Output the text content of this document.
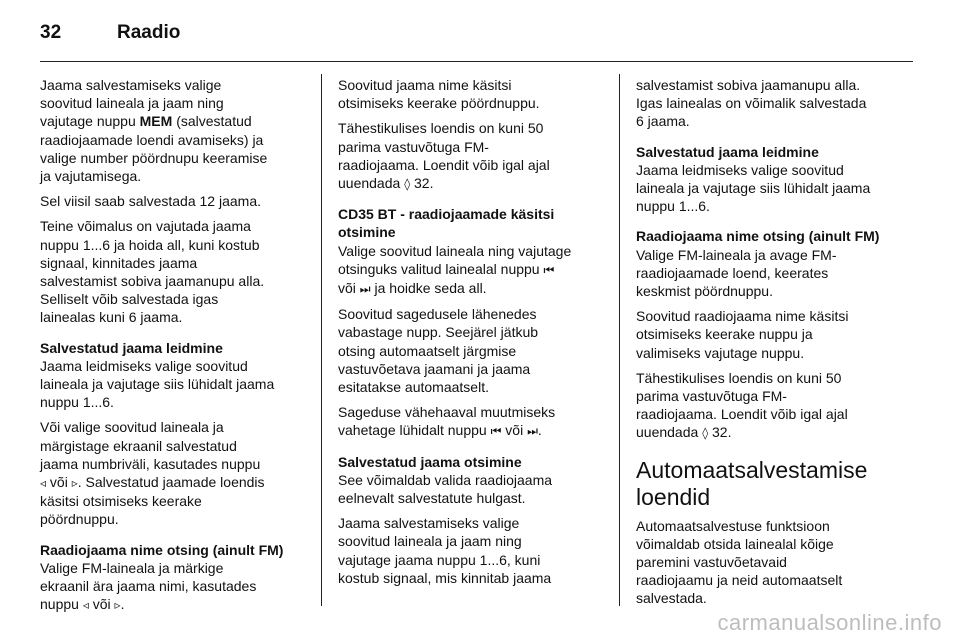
32	Raadio

Jaama salvestamiseks valige
soovitud laineala ja jaam ning
vajutage nuppu MEM (salvestatud
raadiojaamade loendi avamiseks) ja
valige number pöördnupu keeramise
ja vajutamisega.

Sel viisil saab salvestada 12 jaama.

Teine võimalus on vajutada jaama
nuppu 1...6 ja hoida all, kuni kostub
signaal, kinnitades jaama
salvestamist sobiva jaamanupu alla.
Selliselt võib salvestada igas
lainealas kuni 6 jaama.

Salvestatud jaama leidmine
Jaama leidmiseks valige soovitud
laineala ja vajutage siis lühidalt jaama
nuppu 1...6.

Või valige soovitud laineala ja
märgistage ekraanil salvestatud
jaama numbriväli, kasutades nuppu
◃ või ▹. Salvestatud jaamade loendis
käsitsi otsimiseks keerake
pöördnuppu.

Raadiojaama nime otsing (ainult FM)
Valige FM-laineala ja märkige
ekraanil ära jaama nimi, kasutades
nuppu ◃ või ▹.

Soovitud jaama nime käsitsi
otsimiseks keerake pöördnuppu.

Tähestikulises loendis on kuni 50
parima vastuvõtuga FM-
raadiojaama. Loendit võib igal ajal
uuendada ◊ 32.

CD35 BT - raadiojaamade käsitsi otsimine
Valige soovitud laineala ning vajutage
otsinguks valitud lainealal nuppu ⏮
või ⏭ ja hoidke seda all.

Soovitud sagedusele lähenedes
vabastage nupp. Seejärel jätkub
otsing automaatselt järgmise
vastuvõetava jaamani ja jaama
esitatakse automaatselt.

Sageduse vähehaaval muutmiseks
vahetage lühidalt nuppu ⏮ või ⏭.

Salvestatud jaama otsimine
See võimaldab valida raadiojaama
eelnevalt salvestatute hulgast.

Jaama salvestamiseks valige
soovitud laineala ja jaam ning
vajutage jaama nuppu 1...6, kuni
kostub signaal, mis kinnitab jaama

salvestamist sobiva jaamanupu alla.
Igas lainealas on võimalik salvestada
6 jaama.

Salvestatud jaama leidmine
Jaama leidmiseks valige soovitud
laineala ja vajutage siis lühidalt jaama
nuppu 1...6.

Raadiojaama nime otsing (ainult FM)
Valige FM-laineala ja avage FM-
raadiojaamade loend, keerates
keskmist pöördnuppu.

Soovitud raadiojaama nime käsitsi
otsimiseks keerake nuppu ja
valimiseks vajutage nuppu.

Tähestikulises loendis on kuni 50
parima vastuvõtuga FM-
raadiojaama. Loendit võib igal ajal
uuendada ◊ 32.

Automaatsalvestamise
loendid

Automaatsalvestuse funktsioon
võimaldab otsida lainealal kõige
paremini vastuvõetavaid
raadiojaamu ja neid automaatselt
salvestada.

carmanualsonline.info
